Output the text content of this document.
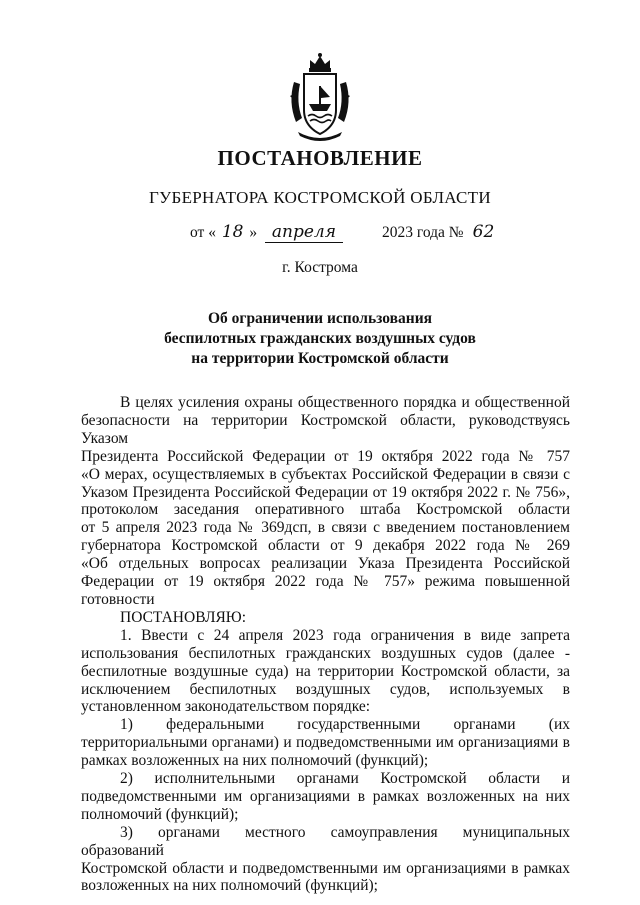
ПОСТАНОВЛЕНИЕ
ГУБЕРНАТОРА КОСТРОМСКОЙ ОБЛАСТИ
от « 18 » апреля	2023 года № 62
г. Кострома
Об ограничении использования
беспилотных гражданских воздушных судов
на территории Костромской области

В целях усиления охраны общественного порядка и общественной

безопасности на территории Костромской области, руководствуясь Указом

Президента Российской Федерации от 19 октября 2022 года № 757

«О мерах, осуществляемых в субъектах Российской Федерации в связи с

Указом Президента Российской Федерации от 19 октября 2022 г. № 756»,

протоколом заседания оперативного штаба Костромской области

от 5 апреля 2023 года № 369дсп, в связи с введением постановлением

губернатора Костромской области от 9 декабря 2022 года № 269

«Об отдельных вопросах реализации Указа Президента Российской

Федерации от 19 октября 2022 года № 757» режима повышенной

готовности

ПОСТАНОВЛЯЮ:

1. Ввести с 24 апреля 2023 года ограничения в виде запрета

использования беспилотных гражданских воздушных судов (далее -

беспилотные воздушные суда) на территории Костромской области, за

исключением беспилотных воздушных судов, используемых в

установленном законодательством порядке:

1) федеральными государственными органами (их

территориальными органами) и подведомственными им организациями в

рамках возложенных на них полномочий (функций);

2) исполнительными органами Костромской области и

подведомственными им организациями в рамках возложенных на них

полномочий (функций);

3) органами местного самоуправления муниципальных образований

Костромской области и подведомственными им организациями в рамках

возложенных на них полномочий (функций);
